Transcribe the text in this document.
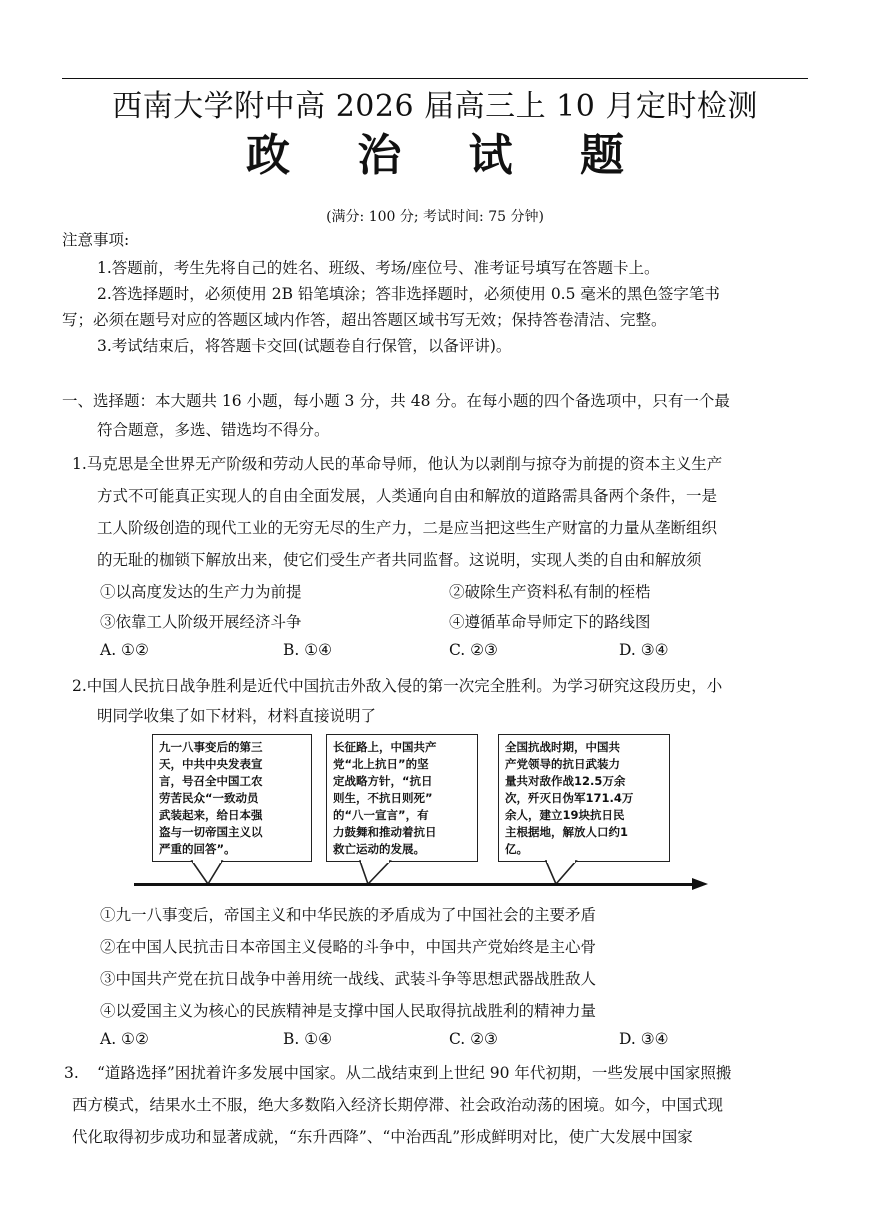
西南大学附中高 2026 届高三上 10 月定时检测
政 治 试 题
(满分: 100 分; 考试时间: 75 分钟)
注意事项:
1.答题前，考生先将自己的姓名、班级、考场/座位号、准考证号填写在答题卡上。
2.答选择题时，必须使用 2B 铅笔填涂；答非选择题时，必须使用 0.5 毫米的黑色签字笔书
写；必须在题号对应的答题区域内作答，超出答题区域书写无效；保持答卷清洁、完整。
3.考试结束后，将答题卡交回(试题卷自行保管，以备评讲)。
一、选择题：本大题共 16 小题，每小题 3 分，共 48 分。在每小题的四个备选项中，只有一个最
符合题意，多选、错选均不得分。
1.马克思是全世界无产阶级和劳动人民的革命导师，他认为以剥削与掠夺为前提的资本主义生产
方式不可能真正实现人的自由全面发展，人类通向自由和解放的道路需具备两个条件，一是
工人阶级创造的现代工业的无穷无尽的生产力，二是应当把这些生产财富的力量从垄断组织
的无耻的枷锁下解放出来，使它们受生产者共同监督。这说明，实现人类的自由和解放须
①以高度发达的生产力为前提	②破除生产资料私有制的桎梏
③依靠工人阶级开展经济斗争	④遵循革命导师定下的路线图
A. ①②	B. ①④	C. ②③	D. ③④
2.中国人民抗日战争胜利是近代中国抗击外敌入侵的第一次完全胜利。为学习研究这段历史，小
明同学收集了如下材料，材料直接说明了
九一八事变后的第三
天，中共中央发表宣
言，号召全中国工农
劳苦民众“一致动员
武装起来，给日本强
盗与一切帝国主义以
严重的回答”。
长征路上，中国共产
党“北上抗日”的坚
定战略方针，“抗日
则生，不抗日则死”
的“八一宣言”，有
力鼓舞和推动着抗日
救亡运动的发展。
全国抗战时期，中国共
产党领导的抗日武装力
量共对敌作战12.5万余
次，歼灭日伪军171.4万
余人，建立19块抗日民
主根据地，解放人口约1
亿。
①九一八事变后，帝国主义和中华民族的矛盾成为了中国社会的主要矛盾
②在中国人民抗击日本帝国主义侵略的斗争中，中国共产党始终是主心骨
③中国共产党在抗日战争中善用统一战线、武装斗争等思想武器战胜敌人
④以爱国主义为核心的民族精神是支撑中国人民取得抗战胜利的精神力量
A. ①②	B. ①④	C. ②③	D. ③④
3. “道路选择”困扰着许多发展中国家。从二战结束到上世纪 90 年代初期，一些发展中国家照搬
西方模式，结果水土不服，绝大多数陷入经济长期停滞、社会政治动荡的困境。如今，中国式现
代化取得初步成功和显著成就，“东升西降”、“中治西乱”形成鲜明对比，使广大发展中国家
